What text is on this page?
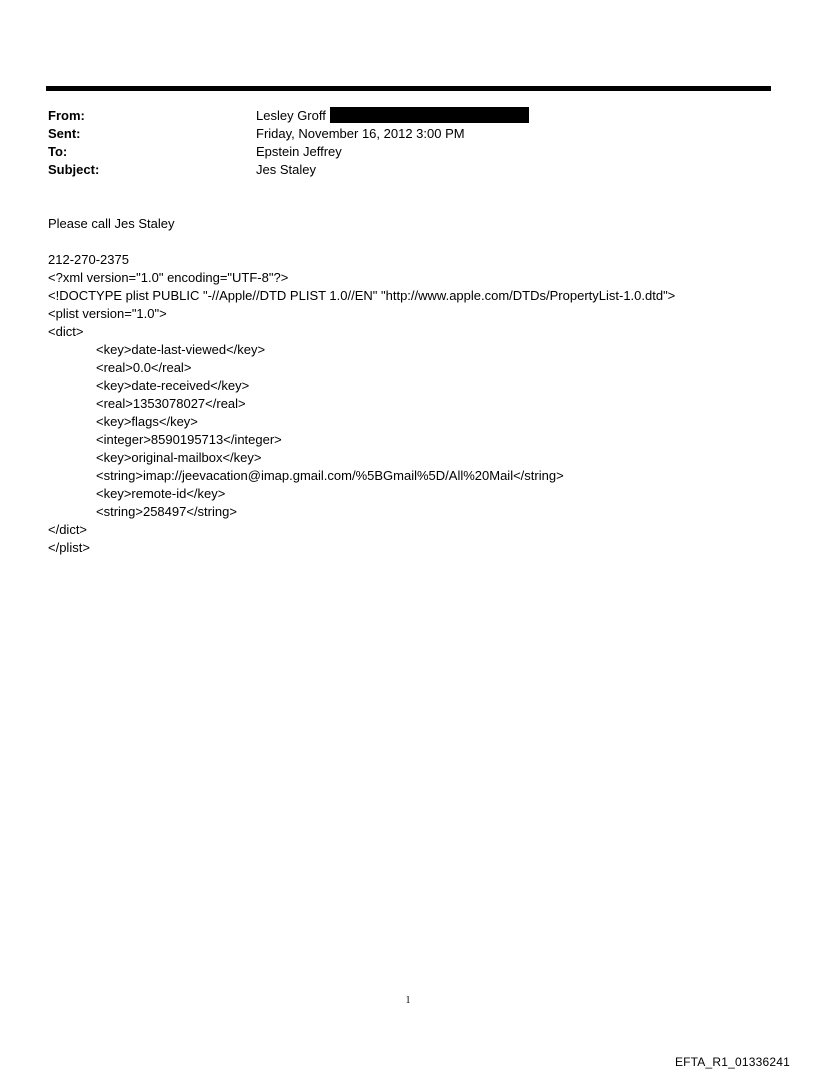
From:	Lesley Groff
Sent:	Friday, November 16, 2012 3:00 PM
To:	Epstein Jeffrey
Subject:	Jes Staley
Please call Jes Staley
212-270-2375
<?xml version="1.0" encoding="UTF-8"?>
<!DOCTYPE plist PUBLIC "-//Apple//DTD PLIST 1.0//EN" "http://www.apple.com/DTDs/PropertyList-1.0.dtd">
<plist version="1.0">
<dict>
<key>date-last-viewed</key>
<real>0.0</real>
<key>date-received</key>
<real>1353078027</real>
<key>flags</key>
<integer>8590195713</integer>
<key>original-mailbox</key>
<string>imap://jeevacation@imap.gmail.com/%5BGmail%5D/All%20Mail</string>
<key>remote-id</key>
<string>258497</string>
</dict>
</plist>
1
EFTA_R1_01336241
